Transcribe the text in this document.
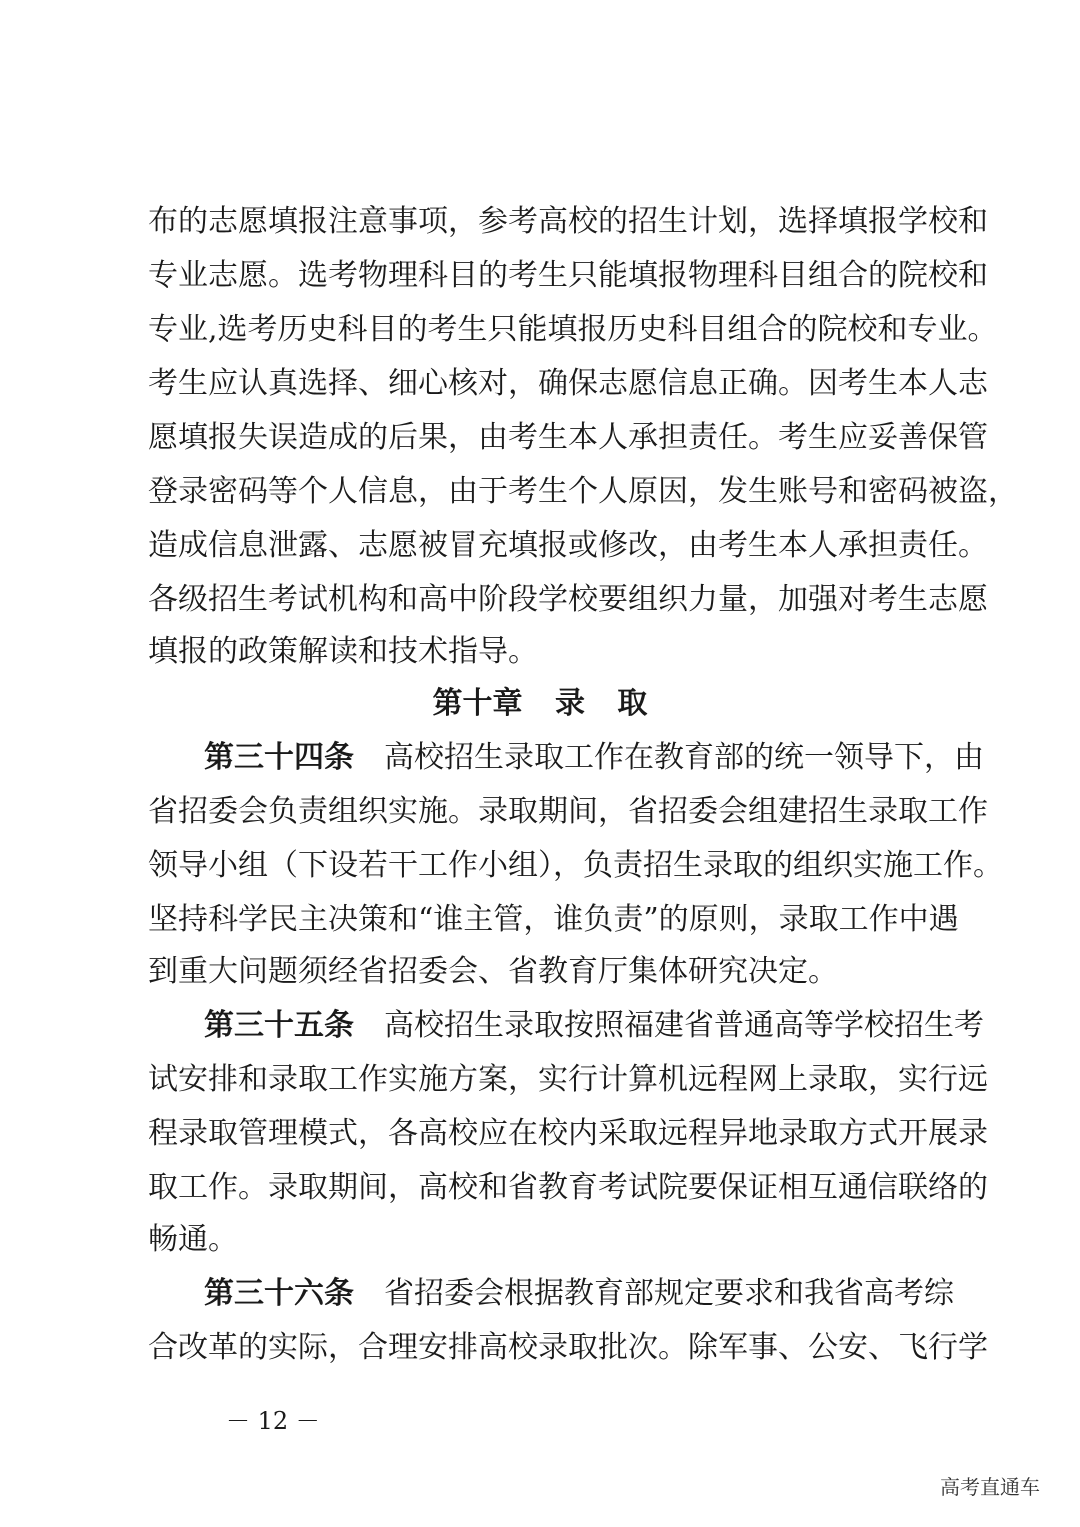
布的志愿填报注意事项，参考高校的招生计划，选择填报学校和
专业志愿。选考物理科目的考生只能填报物理科目组合的院校和
专业,选考历史科目的考生只能填报历史科目组合的院校和专业。
考生应认真选择、细心核对，确保志愿信息正确。因考生本人志
愿填报失误造成的后果，由考生本人承担责任。考生应妥善保管
登录密码等个人信息，由于考生个人原因，发生账号和密码被盗，
造成信息泄露、志愿被冒充填报或修改，由考生本人承担责任。
各级招生考试机构和高中阶段学校要组织力量，加强对考生志愿
填报的政策解读和技术指导。
第十章 录 取
第三十四条 高校招生录取工作在教育部的统一领导下，由
省招委会负责组织实施。录取期间，省招委会组建招生录取工作
领导小组（下设若干工作小组），负责招生录取的组织实施工作。
坚持科学民主决策和“谁主管，谁负责”的原则，录取工作中遇
到重大问题须经省招委会、省教育厅集体研究决定。
第三十五条 高校招生录取按照福建省普通高等学校招生考
试安排和录取工作实施方案，实行计算机远程网上录取，实行远
程录取管理模式，各高校应在校内采取远程异地录取方式开展录
取工作。录取期间，高校和省教育考试院要保证相互通信联络的
畅通。
第三十六条 省招委会根据教育部规定要求和我省高考综
合改革的实际，合理安排高校录取批次。除军事、公安、飞行学
－ 12 －
高考直通车
